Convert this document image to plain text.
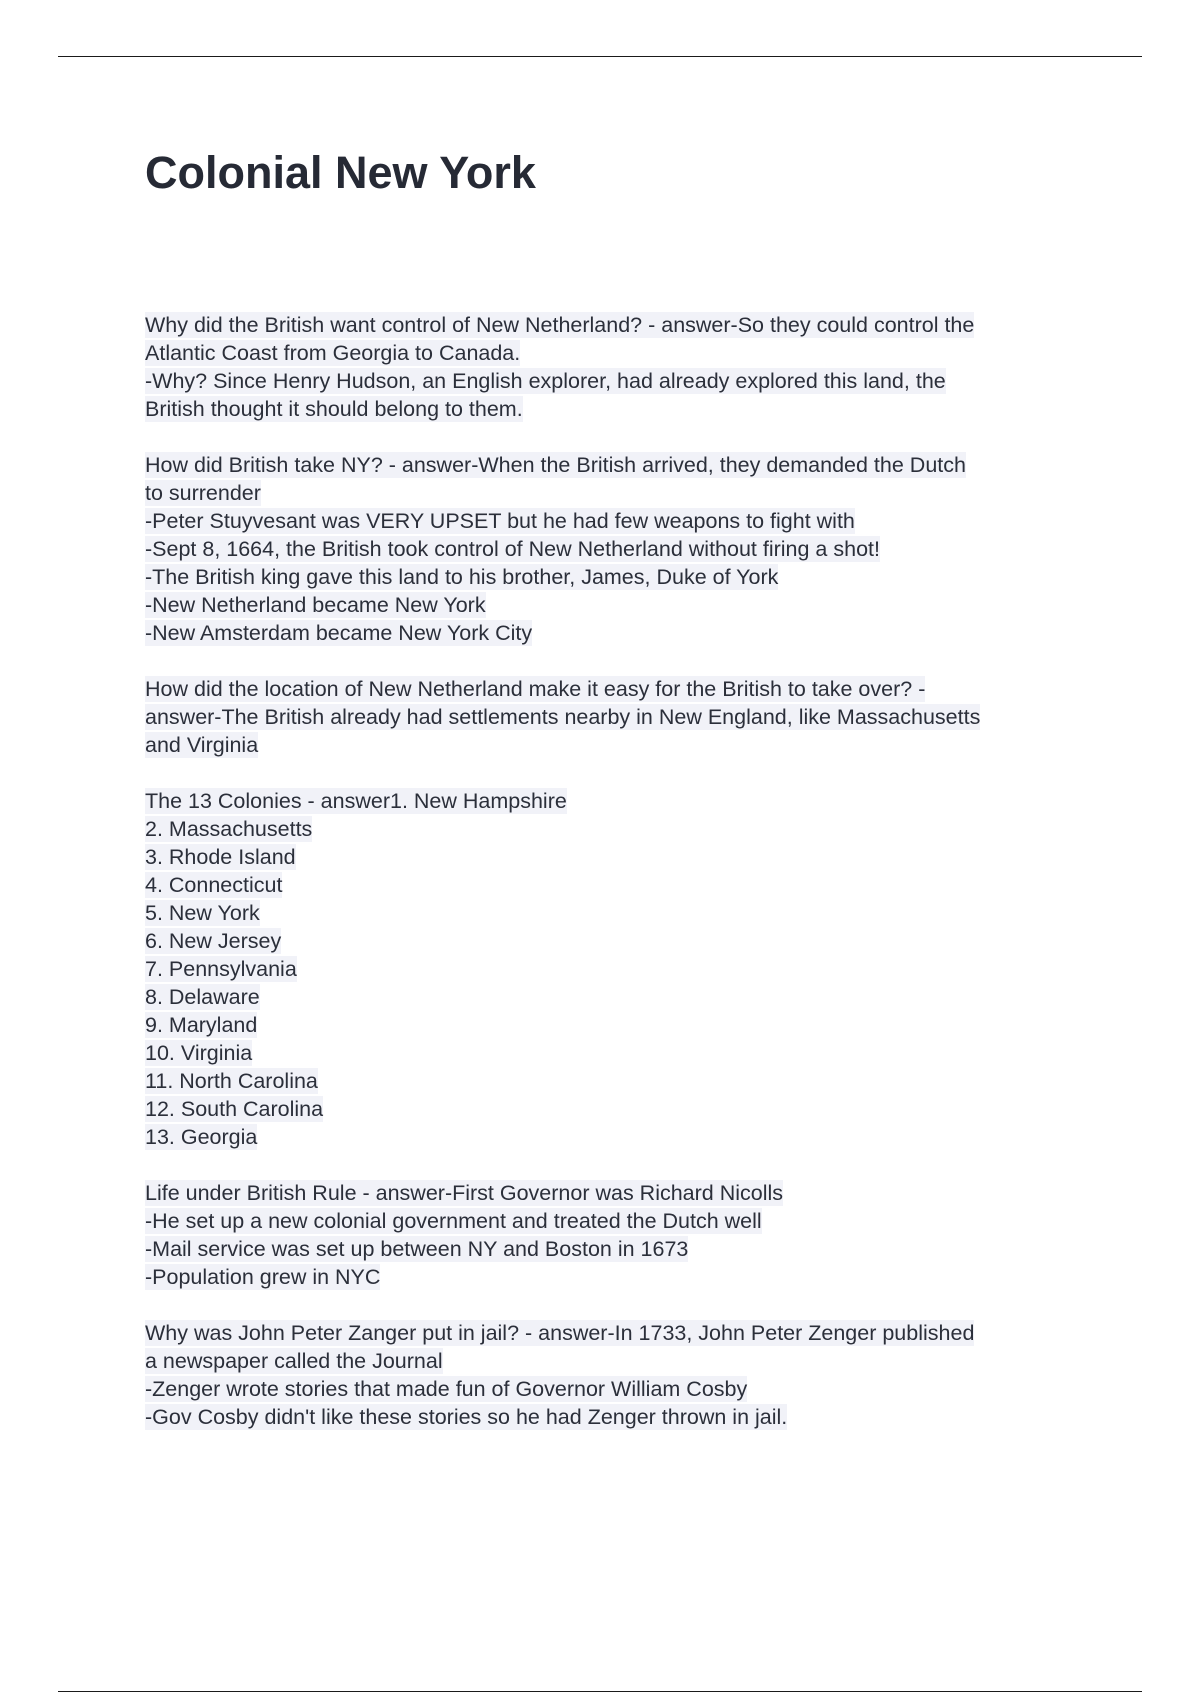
Colonial New York
Why did the British want control of New Netherland? - answer-So they could control the
Atlantic Coast from Georgia to Canada.
-Why? Since Henry Hudson, an English explorer, had already explored this land, the
British thought it should belong to them.
How did British take NY? - answer-When the British arrived, they demanded the Dutch
to surrender
-Peter Stuyvesant was VERY UPSET but he had few weapons to fight with
-Sept 8, 1664, the British took control of New Netherland without firing a shot!
-The British king gave this land to his brother, James, Duke of York
-New Netherland became New York
-New Amsterdam became New York City
How did the location of New Netherland make it easy for the British to take over? -
answer-The British already had settlements nearby in New England, like Massachusetts
and Virginia
The 13 Colonies - answer1. New Hampshire
2. Massachusetts
3. Rhode Island
4. Connecticut
5. New York
6. New Jersey
7. Pennsylvania
8. Delaware
9. Maryland
10. Virginia
11. North Carolina
12. South Carolina
13. Georgia
Life under British Rule - answer-First Governor was Richard Nicolls
-He set up a new colonial government and treated the Dutch well
-Mail service was set up between NY and Boston in 1673
-Population grew in NYC
Why was John Peter Zanger put in jail? - answer-In 1733, John Peter Zenger published
a newspaper called the Journal
-Zenger wrote stories that made fun of Governor William Cosby
-Gov Cosby didn't like these stories so he had Zenger thrown in jail.
